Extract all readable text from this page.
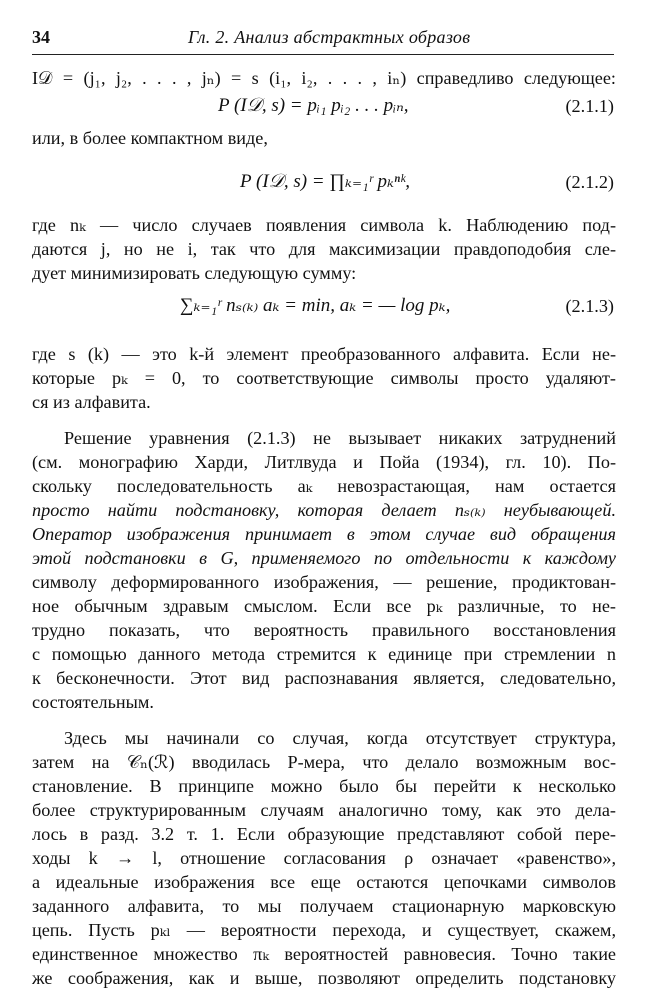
34	Гл. 2. Анализ абстрактных образов
I𝒟 = (j₁, j₂, . . . , jₙ) = s (i₁, i₂, . . . , iₙ) справедливо следующее:
P (I𝒟, s) = pᵢ₁ pᵢ₂ . . . pᵢₙ,	(2.1.1)
или, в более компактном виде,
P (I𝒟, s) = ∏ₖ₌₁ʳ pₖⁿᵏ,	(2.1.2)
где nₖ — число случаев появления символа k. Наблюдению под-
даются j, но не i, так что для максимизации правдоподобия сле-
дует минимизировать следующую сумму:
∑ₖ₌₁ʳ nₛ₍ₖ₎ aₖ = min, aₖ = — log pₖ,	(2.1.3)
где s (k) — это k-й элемент преобразованного алфавита. Если не-
которые pₖ = 0, то соответствующие символы просто удаляют-
ся из алфавита.
Решение уравнения (2.1.3) не вызывает никаких затруднений
(см. монографию Харди, Литлвуда и Пойа (1934), гл. 10). По-
скольку последовательность aₖ невозрастающая, нам остается
просто найти подстановку, которая делает nₛ₍ₖ₎ неубывающей.
Оператор изображения принимает в этом случае вид обращения
этой подстановки в G, применяемого по отдельности к каждому
символу деформированного изображения, — решение, продиктован-
ное обычным здравым смыслом. Если все pₖ различные, то не-
трудно показать, что вероятность правильного восстановления
с помощью данного метода стремится к единице при стремлении n
к бесконечности. Этот вид распознавания является, следовательно,
состоятельным.
Здесь мы начинали со случая, когда отсутствует структура,
затем на 𝒞ₙ(ℛ) вводилась P-мера, что делало возможным вос-
становление. В принципе можно было бы перейти к несколько
более структурированным случаям аналогично тому, как это дела-
лось в разд. 3.2 т. 1. Если образующие представляют собой пере-
ходы k → l, отношение согласования ρ означает «равенство»,
а идеальные изображения все еще остаются цепочками символов
заданного алфавита, то мы получаем стационарную марковскую
цепь. Пусть pₖₗ — вероятности перехода, и существует, скажем,
единственное множество πₖ вероятностей равновесия. Точно такие
же соображения, как и выше, позволяют определить подстановку
